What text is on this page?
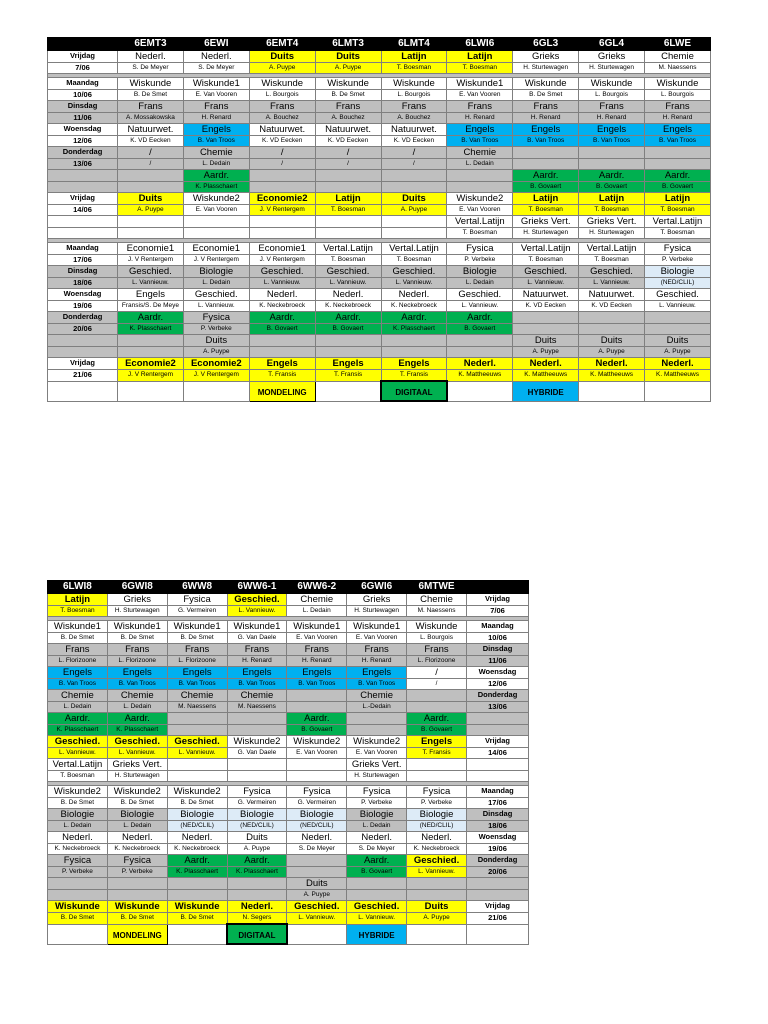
	6EMT3	6EWI	6EMT4	6LMT3	6LMT4	6LWI6	6GL3	6GL4	6LWE
Vrijdag	Nederl.	Nederl.	Duits	Duits	Latijn	Latijn	Grieks	Grieks	Chemie
7/06	S. De Meyer	S. De Meyer	A. Puype	A. Puype	T. Boesman	T. Boesman	H. Sturtewagen	H. Sturtewagen	M. Naessens

Maandag	Wiskunde	Wiskunde1	Wiskunde	Wiskunde	Wiskunde	Wiskunde1	Wiskunde	Wiskunde	Wiskunde
10/06	B. De Smet	E. Van Vooren	L. Bourgois	B. De Smet	L. Bourgois	E. Van Vooren	B. De Smet	L. Bourgois	L. Bourgois
Dinsdag	Frans	Frans	Frans	Frans	Frans	Frans	Frans	Frans	Frans
11/06	A. Mossakowska	H. Renard	A. Bouchez	A. Bouchez	A. Bouchez	H. Renard	H. Renard	H. Renard	H. Renard
Woensdag	Natuurwet.	Engels	Natuurwet.	Natuurwet.	Natuurwet.	Engels	Engels	Engels	Engels
12/06	K. VD Eecken	B. Van Troos	K. VD Eecken	K. VD Eecken	K. VD Eecken	B. Van Troos	B. Van Troos	B. Van Troos	B. Van Troos
Donderdag	/	Chemie	/	/	/	Chemie			
13/06	/	L. Dedain	/	/	/	L. Dedain			
		Aardr.					Aardr.	Aardr.	Aardr.
		K. Plasschaert					B. Govaert	B. Govaert	B. Govaert
Vrijdag	Duits	Wiskunde2	Economie2	Latijn	Duits	Wiskunde2	Latijn	Latijn	Latijn
14/06	A. Puype	E. Van Vooren	J. V Rentergem	T. Boesman	A. Puype	E. Van Vooren	T. Boesman	T. Boesman	T. Boesman
						Vertal.Latijn	Grieks Vert.	Grieks Vert.	Vertal.Latijn
						T. Boesman	H. Sturtewagen	H. Sturtewagen	T. Boesman

Maandag	Economie1	Economie1	Economie1	Vertal.Latijn	Vertal.Latijn	Fysica	Vertal.Latijn	Vertal.Latijn	Fysica
17/06	J. V Rentergem	J. V Rentergem	J. V Rentergem	T. Boesman	T. Boesman	P. Verbeke	T. Boesman	T. Boesman	P. Verbeke
Dinsdag	Geschied.	Biologie	Geschied.	Geschied.	Geschied.	Biologie	Geschied.	Geschied.	Biologie
18/06	L. Vannieuw.	L. Dedain	L. Vannieuw.	L. Vannieuw.	L. Vannieuw.	L. Dedain	L. Vannieuw.	L. Vannieuw.	(NED/CLIL)
Woensdag	Engels	Geschied.	Nederl.	Nederl.	Nederl.	Geschied.	Natuurwet.	Natuurwet.	Geschied.
19/06	Fransis/S. De Meye	L. Vannieuw.	K. Neckebroeck	K. Neckebroeck	K. Neckebroeck	L. Vannieuw.	K. VD Eecken	K. VD Eecken	L. Vannieuw.
Donderdag	Aardr.	Fysica	Aardr.	Aardr.	Aardr.	Aardr.			
20/06	K. Plasschaert	P. Verbeke	B. Govaert	B. Govaert	K. Plasschaert	B. Govaert			
		Duits					Duits	Duits	Duits
		A. Puype					A. Puype	A. Puype	A. Puype
Vrijdag	Economie2	Economie2	Engels	Engels	Engels	Nederl.	Nederl.	Nederl.	Nederl.
21/06	J. V Rentergem	J. V Rentergem	T. Fransis	T. Fransis	T. Fransis	K. Mattheeuws	K. Mattheeuws	K. Mattheeuws	K. Mattheeuws
			MONDELING		DIGITAAL		HYBRIDE		
6LWI8	6GWI8	6WW8	6WW6-1	6WW6-2	6GWI6	6MTWE	
Latijn	Grieks	Fysica	Geschied.	Chemie	Grieks	Chemie	Vrijdag
T. Boesman	H. Sturtewagen	G. Vermeiren	L. Vannieuw.	L. Dedain	H. Sturtewagen	M. Naessens	7/06

Wiskunde1	Wiskunde1	Wiskunde1	Wiskunde1	Wiskunde1	Wiskunde1	Wiskunde	Maandag
B. De Smet	B. De Smet	B. De Smet	G. Van Daele	E. Van Vooren	E. Van Vooren	L. Bourgois	10/06
Frans	Frans	Frans	Frans	Frans	Frans	Frans	Dinsdag
L. Florizoone	L. Florizoone	L. Florizoone	H. Renard	H. Renard	H. Renard	L. Florizoone	11/06
Engels	Engels	Engels	Engels	Engels	Engels	/	Woensdag
B. Van Troos	B. Van Troos	B. Van Troos	B. Van Troos	B. Van Troos	B. Van Troos	/	12/06
Chemie	Chemie	Chemie	Chemie		Chemie		Donderdag
L. Dedain	L. Dedain	M. Naessens	M. Naessens		L.-Dedain		13/06
Aardr.	Aardr.			Aardr.		Aardr.	
K. Plasschaert	K. Plasschaert			B. Govaert		B. Govaert	
Geschied.	Geschied.	Geschied.	Wiskunde2	Wiskunde2	Wiskunde2	Engels	Vrijdag
L. Vannieuw.	L. Vannieuw.	L. Vannieuw.	G. Van Daele	E. Van Vooren	E. Van Vooren	T. Fransis	14/06
Vertal.Latijn	Grieks Vert.				Grieks Vert.		
T. Boesman	H. Sturtewagen				H. Sturtewagen		

Wiskunde2	Wiskunde2	Wiskunde2	Fysica	Fysica	Fysica	Fysica	Maandag
B. De Smet	B. De Smet	B. De Smet	G. Vermeiren	G. Vermeiren	P. Verbeke	P. Verbeke	17/06
Biologie	Biologie	Biologie	Biologie	Biologie	Biologie	Biologie	Dinsdag
L. Dedain	L. Dedain	(NED/CLIL)	(NED/CLIL)	(NED/CLIL)	L. Dedain	(NED/CLIL)	18/06
Nederl.	Nederl.	Nederl.	Duits	Nederl.	Nederl.	Nederl.	Woensdag
K. Neckebroeck	K. Neckebroeck	K. Neckebroeck	A. Puype	S. De Meyer	S. De Meyer	K. Neckebroeck	19/06
Fysica	Fysica	Aardr.	Aardr.		Aardr.	Geschied.	Donderdag
P. Verbeke	P. Verbeke	K. Plasschaert	K. Plasschaert		B. Govaert	L. Vannieuw.	20/06
				Duits			
				A. Puype			
Wiskunde	Wiskunde	Wiskunde	Nederl.	Geschied.	Geschied.	Duits	Vrijdag
B. De Smet	B. De Smet	B. De Smet	N. Segers	L. Vannieuw.	L. Vannieuw.	A. Puype	21/06
	MONDELING		DIGITAAL		HYBRIDE		
